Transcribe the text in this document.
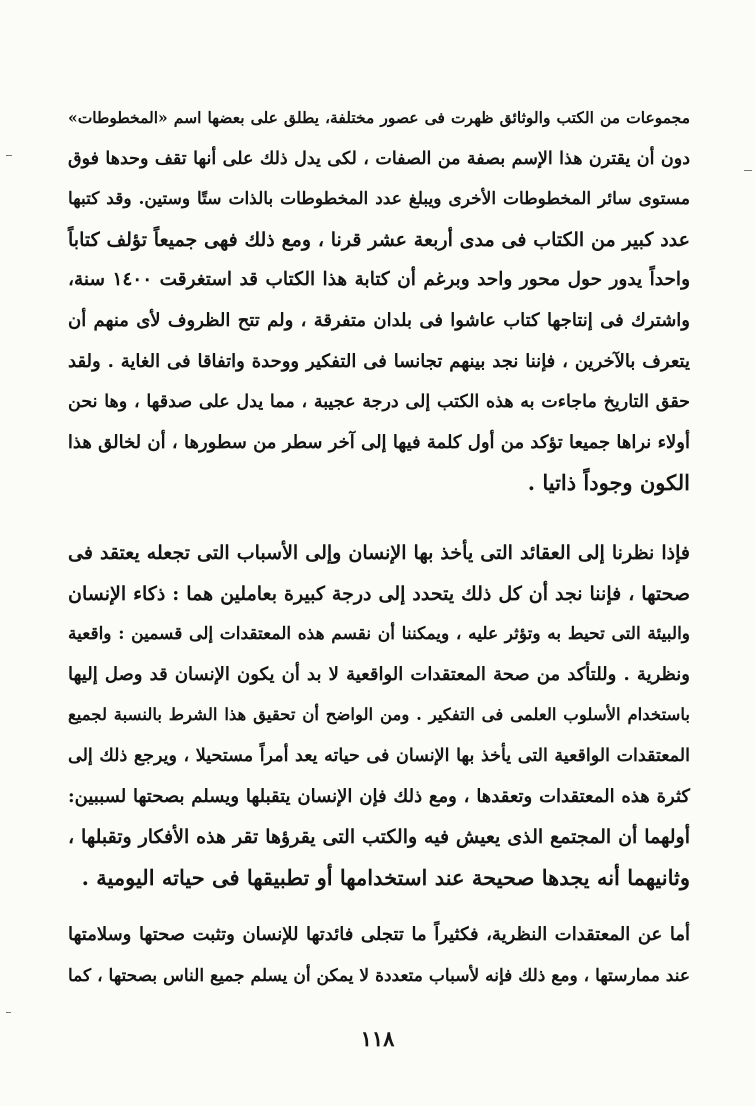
مجموعات من الكتب والوثائق ظهرت فى عصور مختلفة، يطلق على بعضها اسم «المخطوطات»
دون أن يقترن هذا الإسم بصفة من الصفات ، لكى يدل ذلك على أنها تقف وحدها فوق
مستوى سائر المخطوطات الأخرى ويبلغ عدد المخطوطات بالذات ستًا وستين. وقد كتبها
عدد كبير من الكتاب فى مدى أربعة عشر قرنا ، ومع ذلك فهى جميعاً تؤلف كتاباً
واحداً يدور حول محور واحد وبرغم أن كتابة هذا الكتاب قد استغرقت ١٤٠٠ سنة،
واشترك فى إنتاجها كتاب عاشوا فى بلدان متفرقة ، ولم تتح الظروف لأى منهم أن
يتعرف بالآخرين ، فإننا نجد بينهم تجانسا فى التفكير ووحدة واتفاقا فى الغاية . ولقد
حقق التاريخ ماجاءت به هذه الكتب إلى درجة عجيبة ، مما يدل على صدقها ، وها نحن
أولاء نراها جميعا تؤكد من أول كلمة فيها إلى آخر سطر من سطورها ، أن لخالق هذا
الكون وجوداً ذاتيا .
فإذا نظرنا إلى العقائد التى يأخذ بها الإنسان وإلى الأسباب التى تجعله يعتقد فى
صحتها ، فإننا نجد أن كل ذلك يتحدد إلى درجة كبيرة بعاملين هما : ذكاء الإنسان
والبيئة التى تحيط به وتؤثر عليه ، ويمكننا أن نقسم هذه المعتقدات إلى قسمين : واقعية
ونظرية . وللتأكد من صحة المعتقدات الواقعية لا بد أن يكون الإنسان قد وصل إليها
باستخدام الأسلوب العلمى فى التفكير . ومن الواضح أن تحقيق هذا الشرط بالنسبة لجميع
المعتقدات الواقعية التى يأخذ بها الإنسان فى حياته يعد أمراً مستحيلا ، ويرجع ذلك إلى
كثرة هذه المعتقدات وتعقدها ، ومع ذلك فإن الإنسان يتقبلها ويسلم بصحتها لسببين:
أولهما أن المجتمع الذى يعيش فيه والكتب التى يقرؤها تقر هذه الأفكار وتقبلها ،
وثانيهما أنه يجدها صحيحة عند استخدامها أو تطبيقها فى حياته اليومية .
أما عن المعتقدات النظرية، فكثيراً ما تتجلى فائدتها للإنسان وتثبت صحتها وسلامتها
عند ممارستها ، ومع ذلك فإنه لأسباب متعددة لا يمكن أن يسلم جميع الناس بصحتها ، كما
١١٨
